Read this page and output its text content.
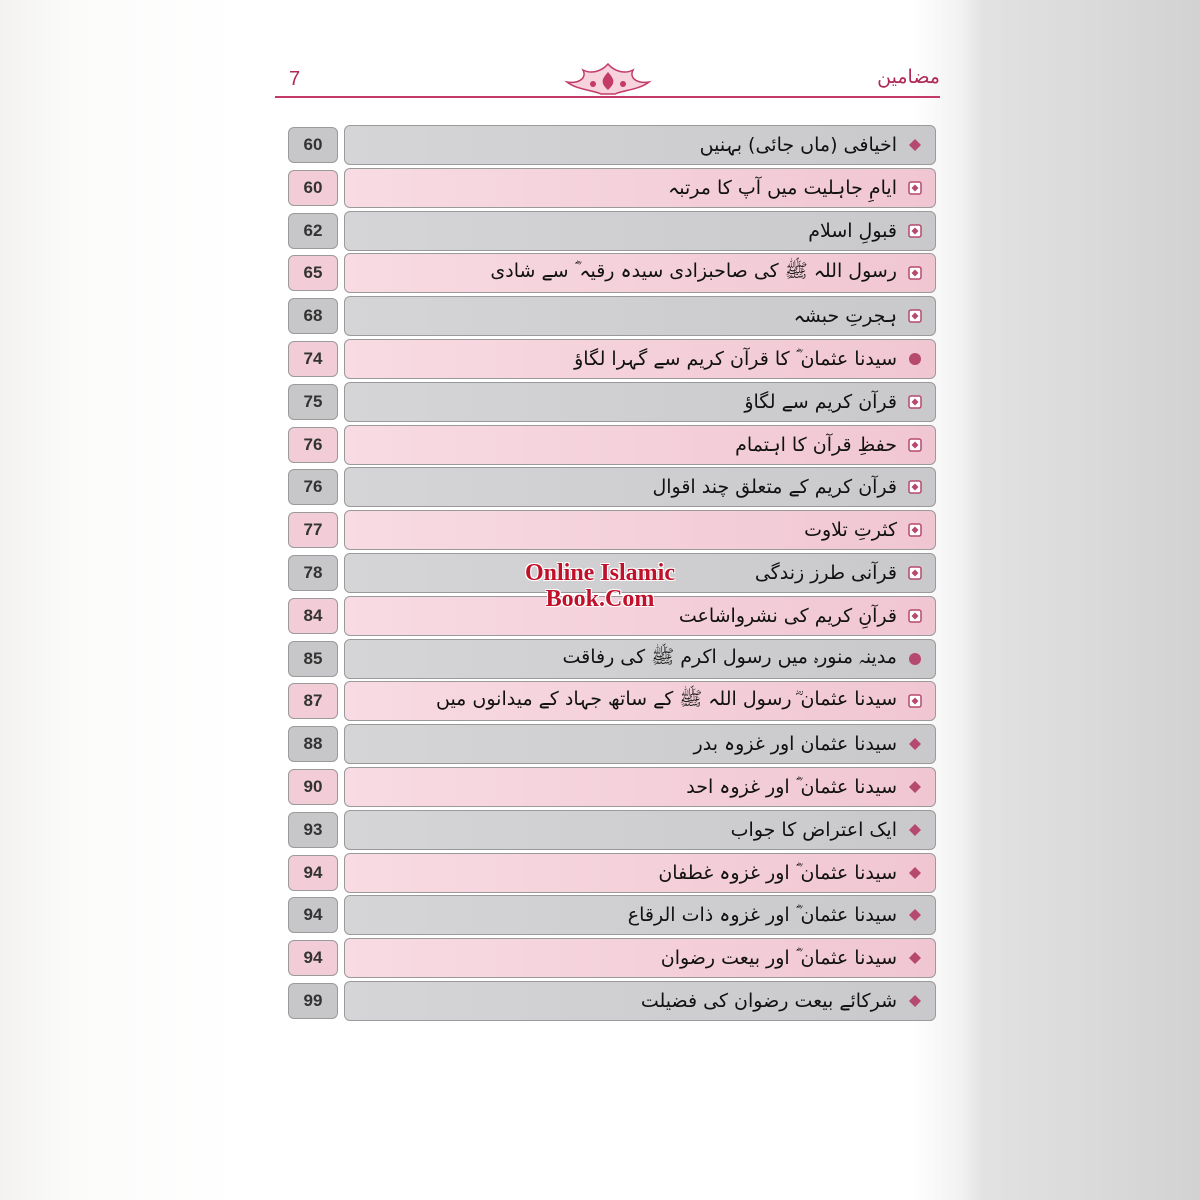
7	مضامین
60	اخیافی (ماں جائی) بہنیں
60	ایامِ جاہلیت میں آپ کا مرتبہ
62	قبولِ اسلام
65	رسول اللہ ﷺ کی صاحبزادی سیدہ رقیہ ؓ سے شادی
68	ہجرتِ حبشہ
74	سیدنا عثمان ؓ کا قرآن کریم سے گہرا لگاؤ
75	قرآن کریم سے لگاؤ
76	حفظِ قرآن کا اہتمام
76	قرآن کریم کے متعلق چند اقوال
77	کثرتِ تلاوت
78	قرآنی طرز زندگی
84	قرآنِ کریم کی نشرواشاعت
85	مدینہ منورہ میں رسول اکرم ﷺ کی رفاقت
87	سیدنا عثمان ؓ رسول اللہ ﷺ کے ساتھ جہاد کے میدانوں میں
88	سیدنا عثمان اور غزوہ بدر
90	سیدنا عثمان ؓ اور غزوہ احد
93	ایک اعتراض کا جواب
94	سیدنا عثمان ؓ اور غزوہ غطفان
94	سیدنا عثمان ؓ اور غزوہ ذات الرقاع
94	سیدنا عثمان ؓ اور بیعت رضوان
99	شرکائے بیعت رضوان کی فضیلت
Online Islamic
Book.Com
